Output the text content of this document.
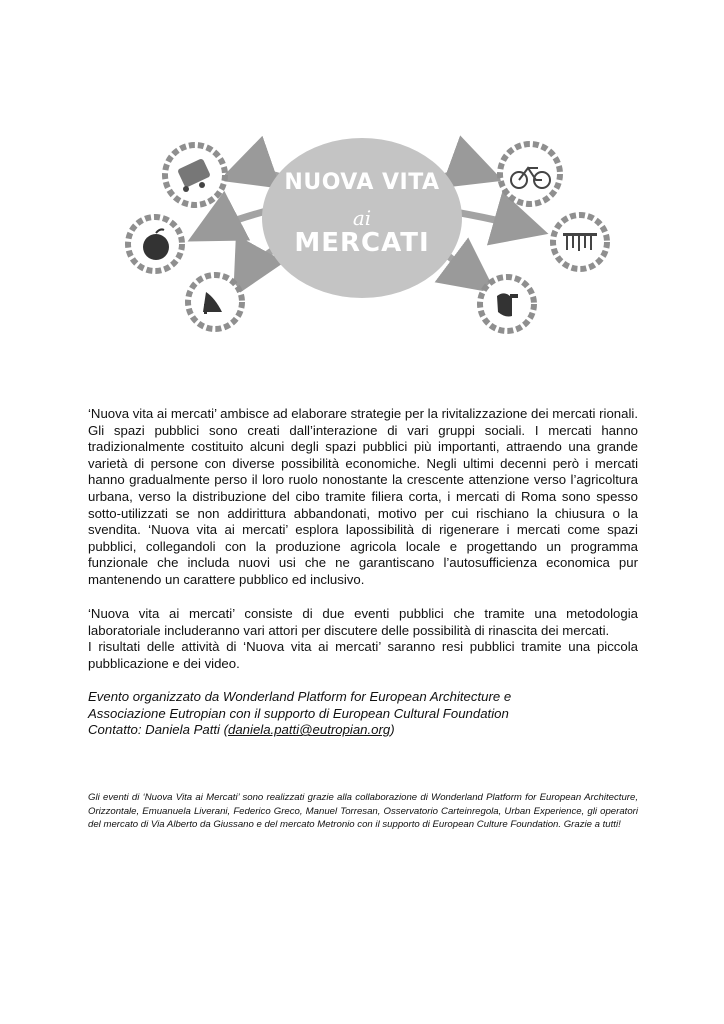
NUOVA VITA
ai
MERCATI

‘Nuova vita ai mercati’ ambisce ad elaborare strategie per la rivitalizzazione dei mercati rionali. Gli spazi pubblici sono creati dall’interazione di vari gruppi sociali. I mercati hanno tradizionalmente costituito alcuni degli spazi pubblici più importanti, attraendo una grande varietà di persone con diverse possibilità economiche. Negli ultimi decenni però i mercati hanno gradualmente perso il loro ruolo nonostante la crescente attenzione verso l’agricoltura urbana, verso la distribuzione del cibo tramite filiera corta, i mercati di Roma sono spesso sotto-utilizzati se non addirittura abbandonati, motivo per cui rischiano la chiusura o la svendita. ‘Nuova vita ai mercati’ esplora lapossibilità di rigenerare i mercati come spazi pubblici, collegandoli con la produzione agricola locale e progettando un programma funzionale che includa nuovi usi che ne garantiscano l’autosufficienza economica pur mantenendo un carattere pubblico ed inclusivo.

‘Nuova vita ai mercati’ consiste di due eventi pubblici che tramite una metodologia laboratoriale includeranno vari attori per discutere delle possibilità di rinascita dei mercati.
I risultati delle attività di ‘Nuova vita ai mercati’ saranno resi pubblici tramite una piccola pubblicazione e dei video.
Evento organizzato da Wonderland Platform for European Architecture e
Associazione Eutropian con il supporto di European Cultural Foundation
Contatto: Daniela Patti (daniela.patti@eutropian.org)

Gli eventi di ‘Nuova Vita ai Mercati’ sono realizzati grazie alla collaborazione di Wonderland Platform for European Architecture, Orizzontale, Emuanuela Liverani, Federico Greco, Manuel Torresan, Osservatorio Carteinregola, Urban Experience, gli operatori del mercato di Via Alberto da Giussano e del mercato Metronio con il supporto di European Culture Foundation. Grazie a tutti!
